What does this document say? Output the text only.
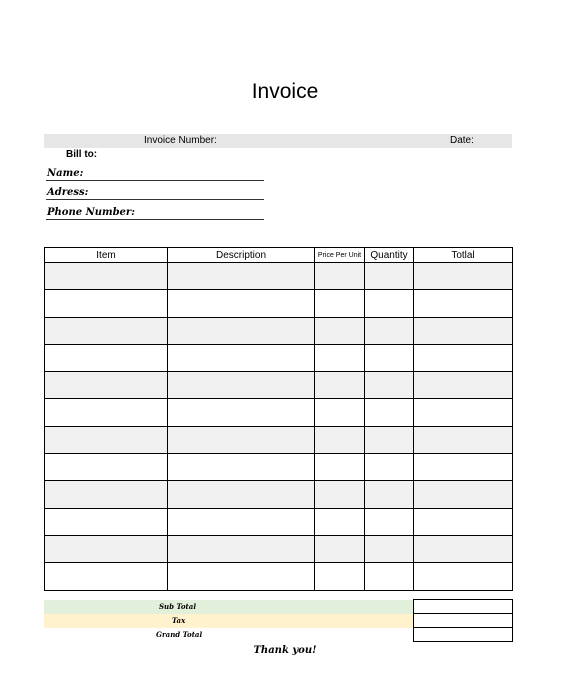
Invoice
Invoice Number:	Date:
Bill to:
Name:
Adress:
Phone Number:
Item	Description	Price Per Unit	Quantity	Totlal

Sub Total	
Tax	
Grand Total	
Thank you!
